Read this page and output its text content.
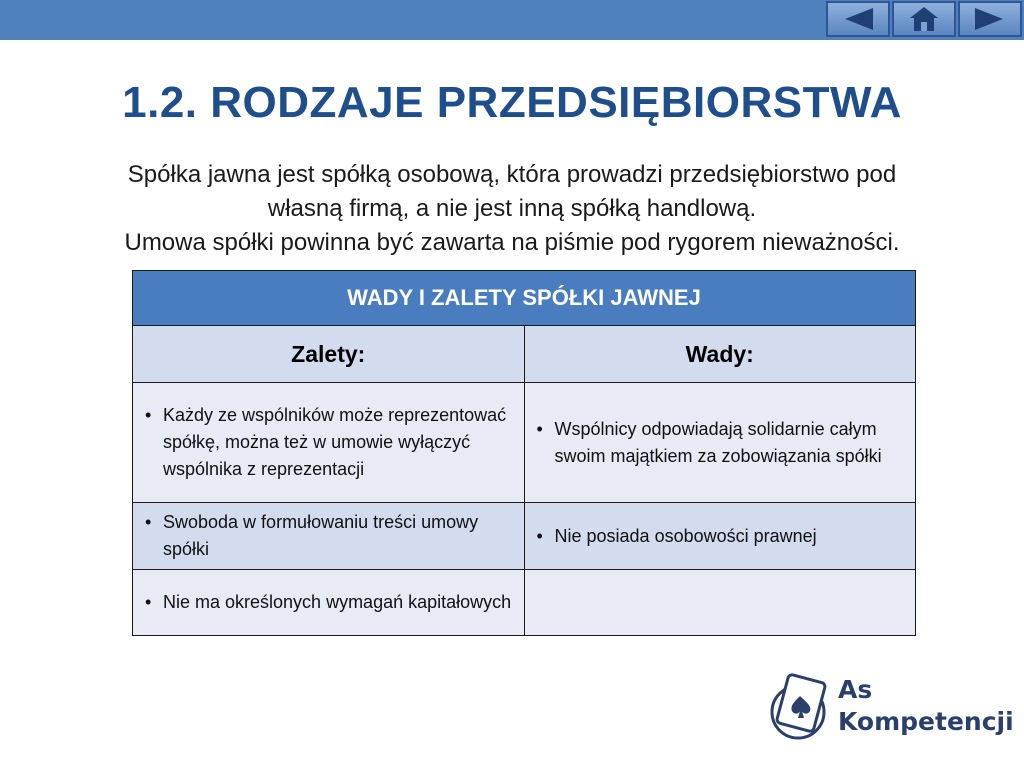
1.2. RODZAJE PRZEDSIĘBIORSTWA
Spółka jawna jest spółką osobową, która prowadzi przedsiębiorstwo pod
własną firmą, a nie jest inną spółką handlową.
Umowa spółki powinna być zawarta na piśmie pod rygorem nieważności.
WADY I ZALETY SPÓŁKI JAWNEJ	
Zalety:	Wady:

• Każdy ze wspólników może reprezentować spółkę, można też w umowie wyłączyć wspólnika z reprezentacji	• Wspólnicy odpowiadają solidarnie całym swoim majątkiem za zobowiązania spółki

• Swoboda w formułowaniu treści umowy spółki	• Nie posiada osobowości prawnej

• Nie ma określonych wymagań kapitałowych	

As
Kompetencji
